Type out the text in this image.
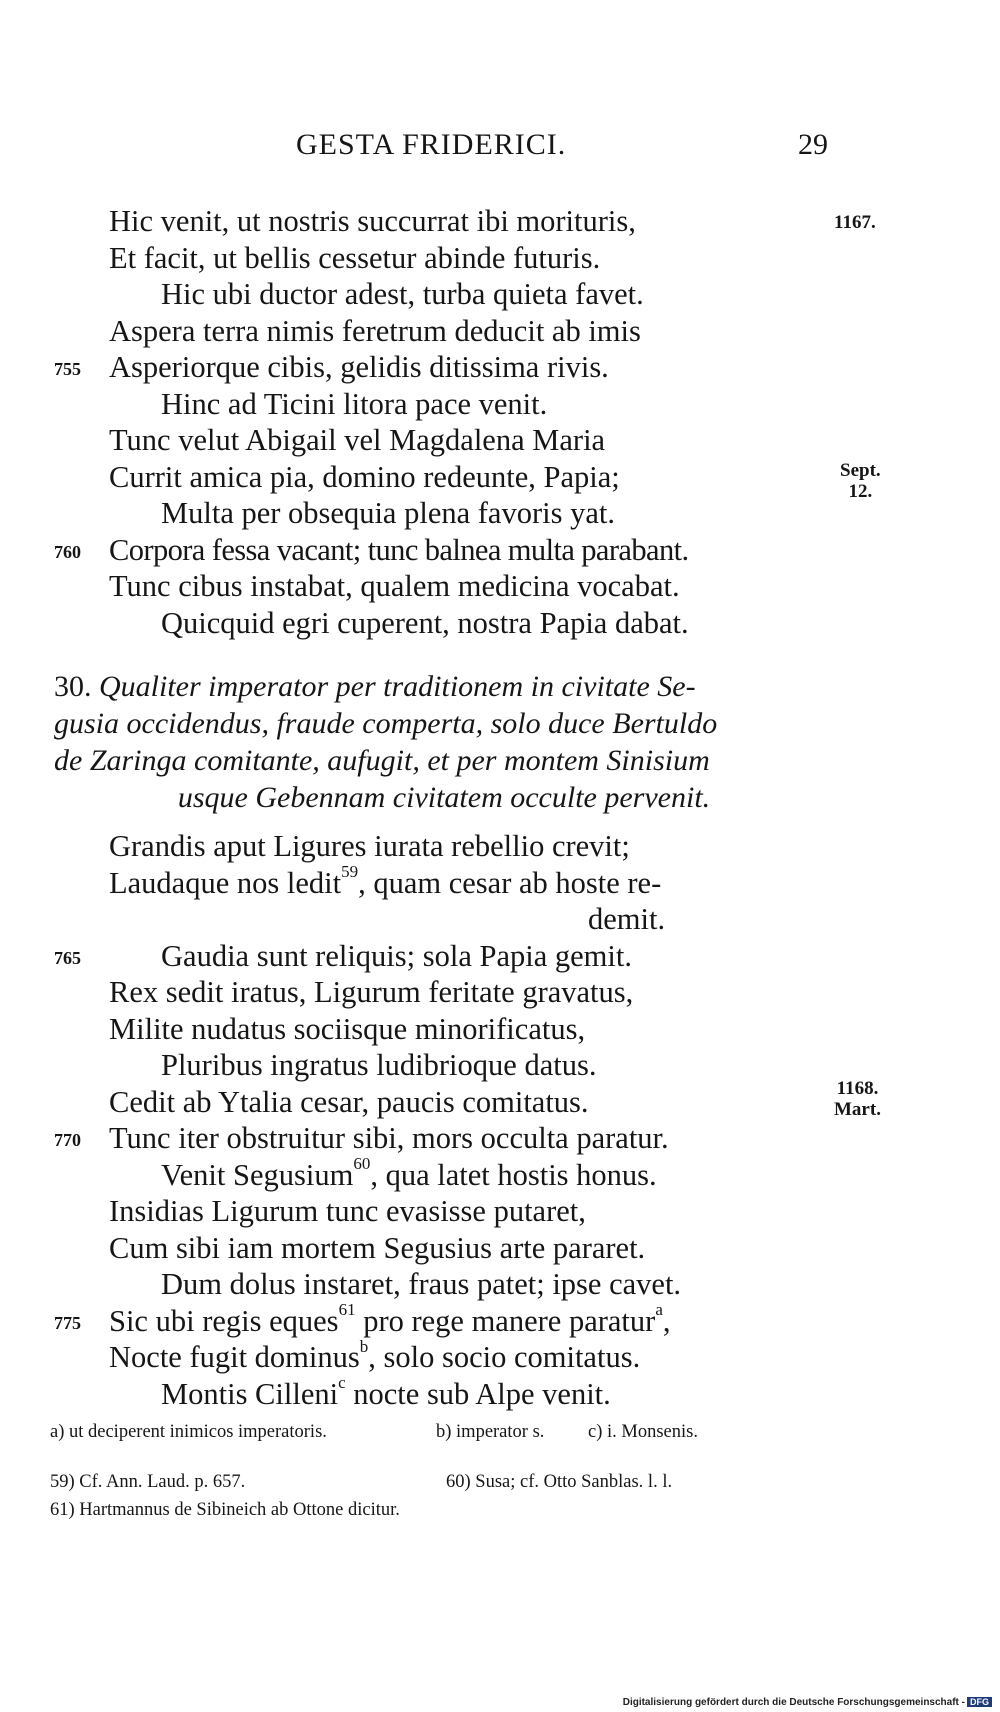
GESTA FRIDERICI.	29
Hic venit, ut nostris succurrat ibi morituris,
Et facit, ut bellis cessetur abinde futuris.
Hic ubi ductor adest, turba quieta favet.
Aspera terra nimis feretrum deducit ab imis
755 Asperiorque cibis, gelidis ditissima rivis.
Hinc ad Ticini litora pace venit.
Tunc velut Abigail vel Magdalena Maria
Currit amica pia, domino redeunte, Papia;
Multa per obsequia plena favoris yat.
760 Corpora fessa vacant; tunc balnea multa parabant.
Tunc cibus instabat, qualem medicina vocabat.
Quicquid egri cuperent, nostra Papia dabat.
1167.
Sept.
12.
1168.
Mart.
30. Qualiter imperator per traditionem in civitate Se-
gusia occidendus, fraude comperta, solo duce Bertuldo
de Zaringa comitante, aufugit, et per montem Sinisium
usque Gebennam civitatem occulte pervenit.
Grandis aput Ligures iurata rebellio crevit;
Laudaque nos ledit$^{59}$, quam cesar ab hoste re-
demit.
765	Gaudia sunt reliquis; sola Papia gemit.
Rex sedit iratus, Ligurum feritate gravatus,
Milite nudatus sociisque minorificatus,
Pluribus ingratus ludibrioque datus.
Cedit ab Ytalia cesar, paucis comitatus.
770 Tunc iter obstruitur sibi, mors occulta paratur.
Venit Segusium$^{60}$, qua latet hostis honus.
Insidias Ligurum tunc evasisse putaret,
Cum sibi iam mortem Segusius arte pararet.
Dum dolus instaret, fraus patet; ipse cavet.
775 Sic ubi regis eques$^{61}$ pro rege manere paratur$^a$,
Nocte fugit dominus$^b$, solo socio comitatus.
Montis Cilleni$^c$ nocte sub Alpe venit.
a) ut deciperent inimicos imperatoris.	b) imperator s. c) i. Monsenis.
59) Cf. Ann. Laud. p. 657.	60) Susa; cf. Otto Sanblas. l. l.
61) Hartmannus de Sibineich ab Ottone dicitur.
Digitalisierung gefördert durch die Deutsche Forschungsgemeinschaft - DFG
